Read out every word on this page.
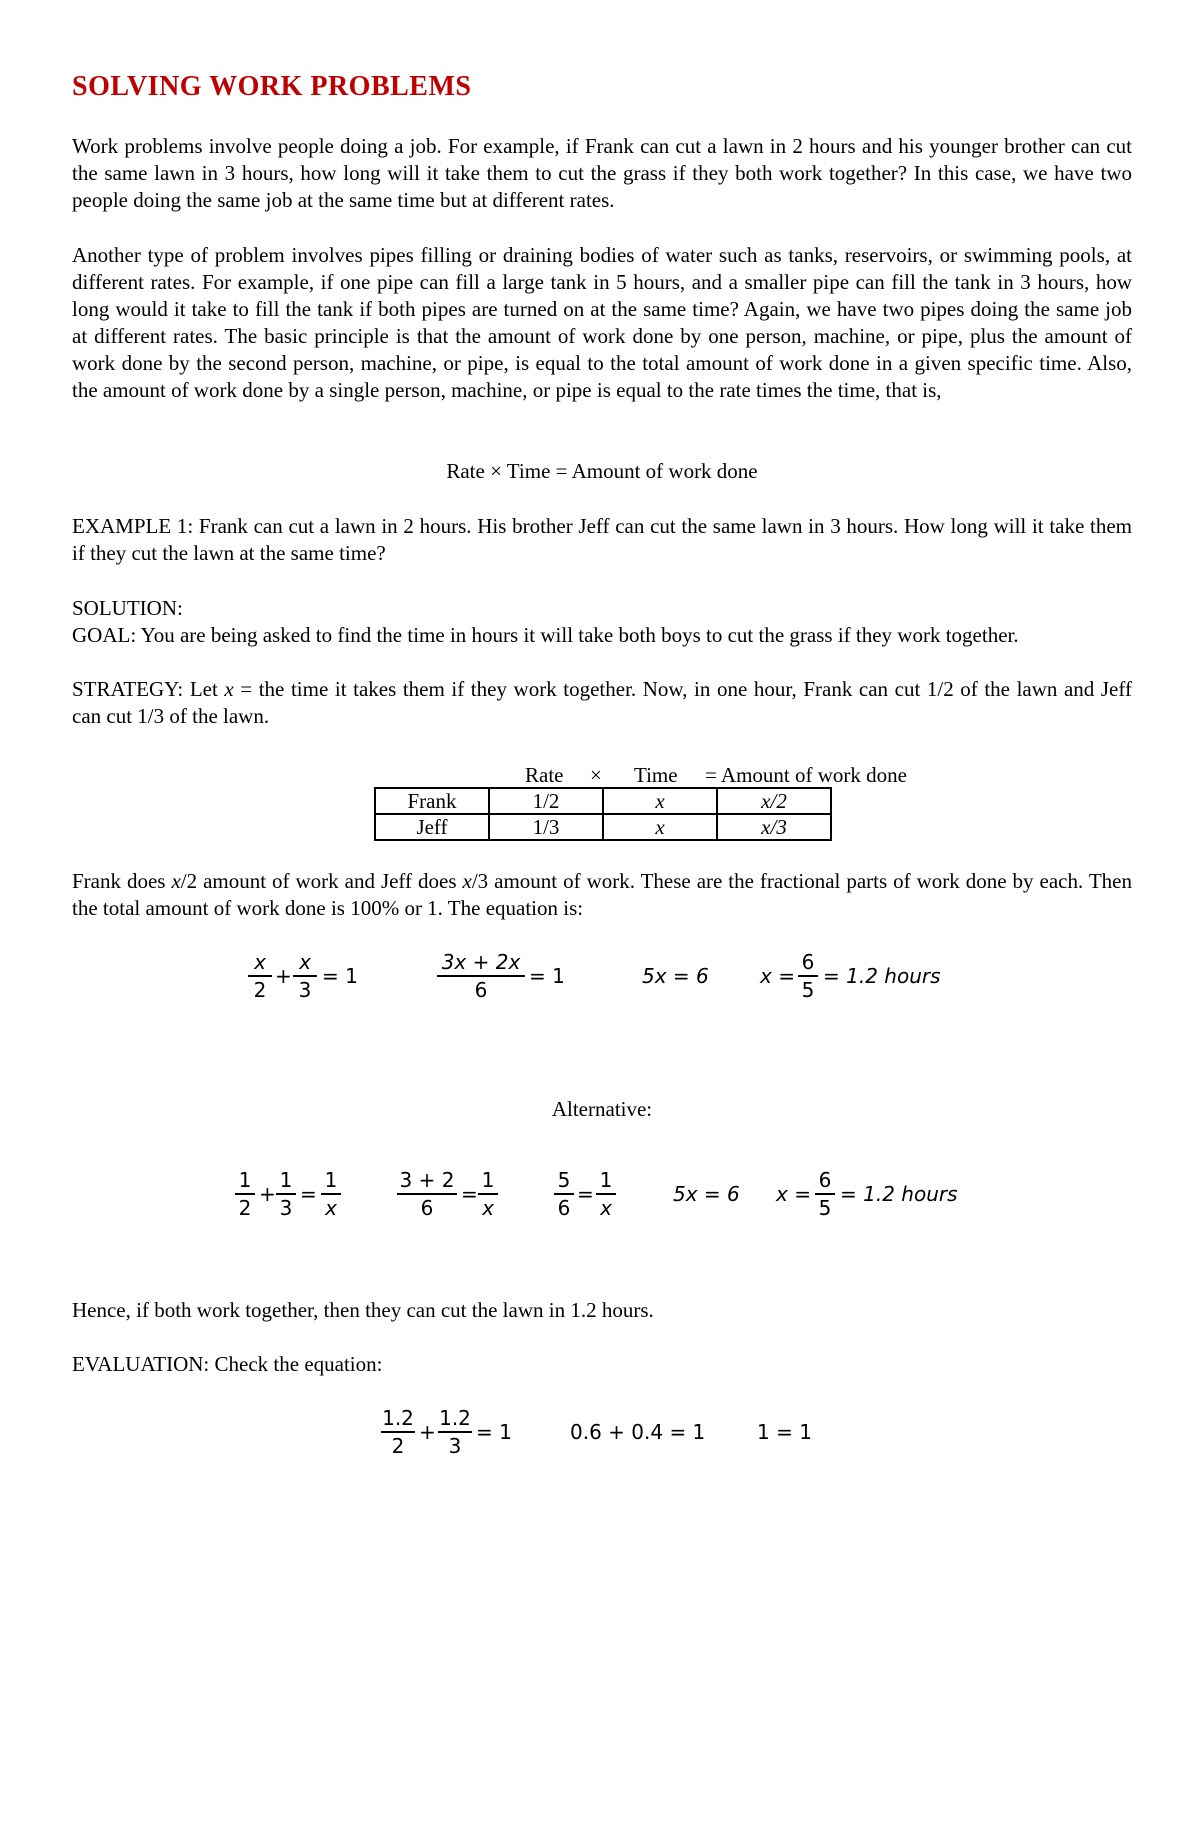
SOLVING WORK PROBLEMS

Work problems involve people doing a job. For example, if Frank can cut a lawn in 2 hours and his younger brother can cut the same lawn in 3 hours, how long will it take them to cut the grass if they both work together? In this case, we have two people doing the same job at the same time but at different rates.

Another type of problem involves pipes filling or draining bodies of water such as tanks, reservoirs, or swimming pools, at different rates. For example, if one pipe can fill a large tank in 5 hours, and a smaller pipe can fill the tank in 3 hours, how long would it take to fill the tank if both pipes are turned on at the same time? Again, we have two pipes doing the same job at different rates. The basic principle is that the amount of work done by one person, machine, or pipe, plus the amount of work done by the second person, machine, or pipe, is equal to the total amount of work done in a given specific time. Also, the amount of work done by a single person, machine, or pipe is equal to the rate times the time, that is,

Rate × Time = Amount of work done

EXAMPLE 1: Frank can cut a lawn in 2 hours. His brother Jeff can cut the same lawn in 3 hours. How long will it take them if they cut the lawn at the same time?

SOLUTION:

GOAL: You are being asked to find the time in hours it will take both boys to cut the grass if they work together.

STRATEGY: Let x = the time it takes them if they work together. Now, in one hour, Frank can cut 1/2 of the lawn and Jeff can cut 1/3 of the lawn.

Rate × Time = Amount of work done
Frank	1/2	x	x/2
Jeff	1/3	x	x/3

Frank does x/2 amount of work and Jeff does x/3 amount of work. These are the fractional parts of work done by each. Then the total amount of work done is 100% or 1. The equation is:

x
2
+
x
3
= 1
3x + 2x
6
= 1	5x = 6	x =
6
5
= 1.2 hours

Alternative:

1
2
+
1
3
=
1
x
3 + 2
6
=
1
x
5
6
=
1
x
5x = 6 x =
6
5
= 1.2 hours

Hence, if both work together, then they can cut the lawn in 1.2 hours.

EVALUATION: Check the equation:

1.2
2
+
1.2
3
= 1	0.6 + 0.4 = 1	1 = 1
